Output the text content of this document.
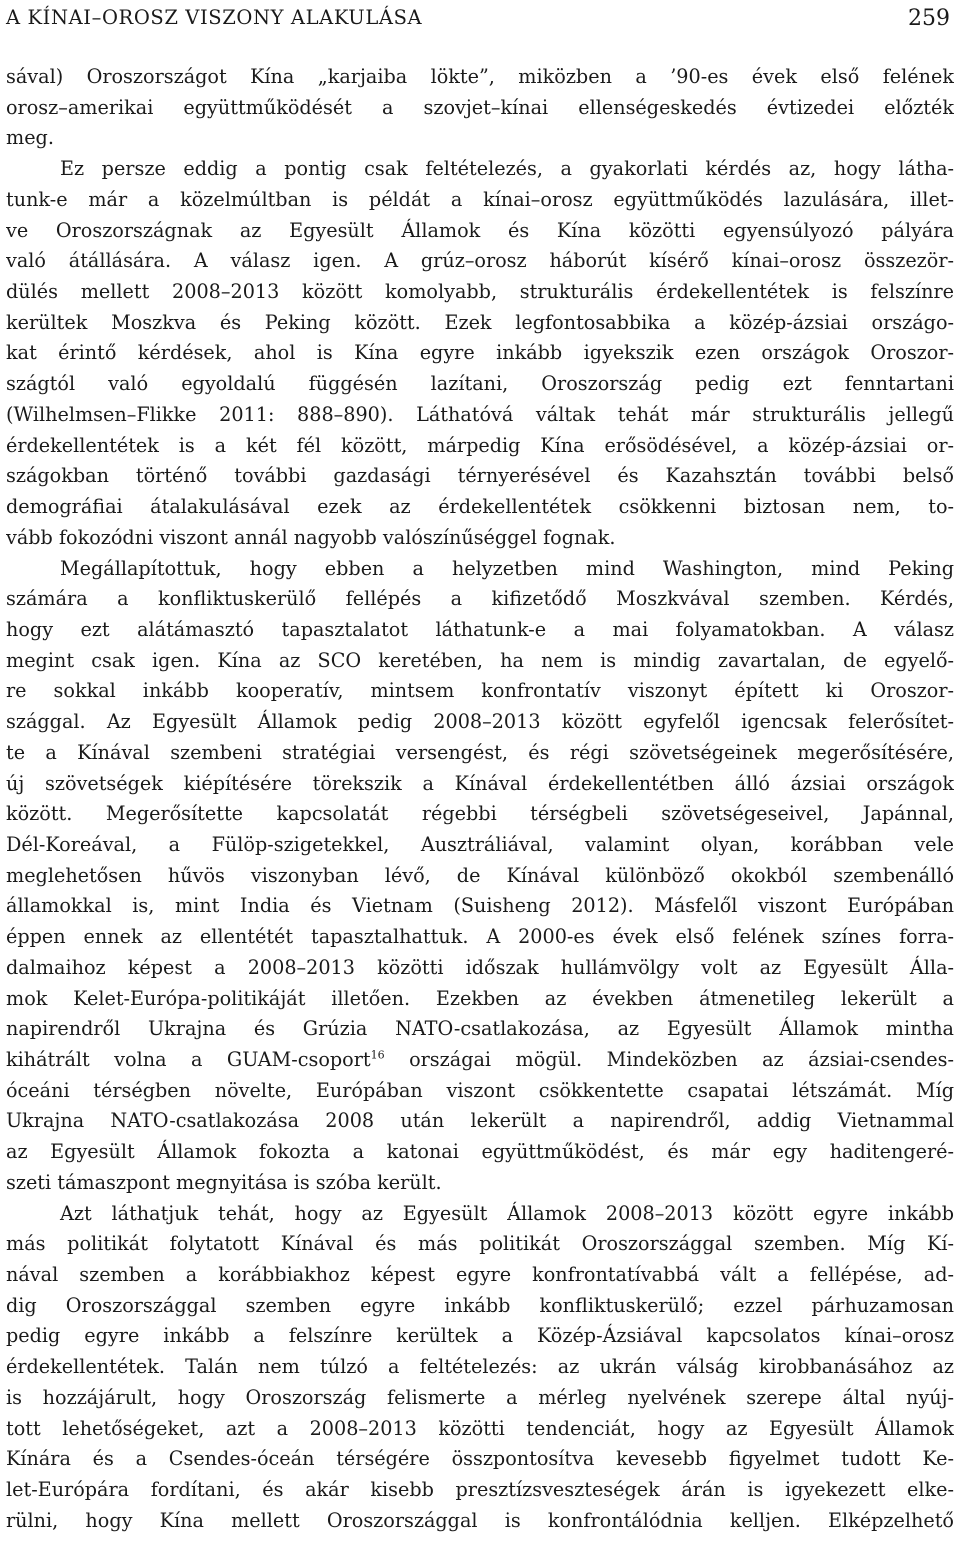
A KÍNAI–OROSZ VISZONY ALAKULÁSA	259
sával) Oroszországot Kína „karjaiba lökte”, miközben a ’90-es évek első felének
orosz–amerikai együttműködését a szovjet–kínai ellenségeskedés évtizedei előzték
meg.
Ez persze eddig a pontig csak feltételezés, a gyakorlati kérdés az, hogy látha-
tunk-e már a közelmúltban is példát a kínai–orosz együttműködés lazulására, illet-
ve Oroszországnak az Egyesült Államok és Kína közötti egyensúlyozó pályára
való átállására. A válasz igen. A grúz–orosz háborút kísérő kínai–orosz összezör-
dülés mellett 2008–2013 között komolyabb, strukturális érdekellentétek is felszínre
kerültek Moszkva és Peking között. Ezek legfontosabbika a közép-ázsiai országo-
kat érintő kérdések, ahol is Kína egyre inkább igyekszik ezen országok Oroszor-
szágtól való egyoldalú függésén lazítani, Oroszország pedig ezt fenntartani
(Wilhelmsen–Flikke 2011: 888–890). Láthatóvá váltak tehát már strukturális jellegű
érdekellentétek is a két fél között, márpedig Kína erősödésével, a közép-ázsiai or-
szágokban történő további gazdasági térnyerésével és Kazahsztán további belső
demográfiai átalakulásával ezek az érdekellentétek csökkenni biztosan nem, to-
vább fokozódni viszont annál nagyobb valószínűséggel fognak.
Megállapítottuk, hogy ebben a helyzetben mind Washington, mind Peking
számára a konfliktuskerülő fellépés a kifizetődő Moszkvával szemben. Kérdés,
hogy ezt alátámasztó tapasztalatot láthatunk-e a mai folyamatokban. A válasz
megint csak igen. Kína az SCO keretében, ha nem is mindig zavartalan, de egyelő-
re sokkal inkább kooperatív, mintsem konfrontatív viszonyt épített ki Oroszor-
szággal. Az Egyesült Államok pedig 2008–2013 között egyfelől igencsak felerősítet-
te a Kínával szembeni stratégiai versengést, és régi szövetségeinek megerősítésére,
új szövetségek kiépítésére törekszik a Kínával érdekellentétben álló ázsiai országok
között. Megerősítette kapcsolatát régebbi térségbeli szövetségeseivel, Japánnal,
Dél-Koreával, a Fülöp-szigetekkel, Ausztráliával, valamint olyan, korábban vele
meglehetősen hűvös viszonyban lévő, de Kínával különböző okokból szembenálló
államokkal is, mint India és Vietnam (Suisheng 2012). Másfelől viszont Európában
éppen ennek az ellentétét tapasztalhattuk. A 2000-es évek első felének színes forra-
dalmaihoz képest a 2008–2013 közötti időszak hullámvölgy volt az Egyesült Álla-
mok Kelet-Európa-politikáját illetően. Ezekben az években átmenetileg lekerült a
napirendről Ukrajna és Grúzia NATO-csatlakozása, az Egyesült Államok mintha
kihátrált volna a GUAM-csoport$^{16}$ országai mögül. Mindeközben az ázsiai-csendes-
óceáni térségben növelte, Európában viszont csökkentette csapatai létszámát. Míg
Ukrajna NATO-csatlakozása 2008 után lekerült a napirendről, addig Vietnammal
az Egyesült Államok fokozta a katonai együttműködést, és már egy haditengeré-
szeti támaszpont megnyitása is szóba került.
Azt láthatjuk tehát, hogy az Egyesült Államok 2008–2013 között egyre inkább
más politikát folytatott Kínával és más politikát Oroszországgal szemben. Míg Kí-
nával szemben a korábbiakhoz képest egyre konfrontatívabbá vált a fellépése, ad-
dig Oroszországgal szemben egyre inkább konfliktuskerülő; ezzel párhuzamosan
pedig egyre inkább a felszínre kerültek a Közép-Ázsiával kapcsolatos kínai–orosz
érdekellentétek. Talán nem túlzó a feltételezés: az ukrán válság kirobbanásához az
is hozzájárult, hogy Oroszország felismerte a mérleg nyelvének szerepe által nyúj-
tott lehetőségeket, azt a 2008–2013 közötti tendenciát, hogy az Egyesült Államok
Kínára és a Csendes-óceán térségére összpontosítva kevesebb figyelmet tudott Ke-
let-Európára fordítani, és akár kisebb presztízsveszteségek árán is igyekezett elke-
rülni, hogy Kína mellett Oroszországgal is konfrontálódnia kelljen. Elképzelhető
